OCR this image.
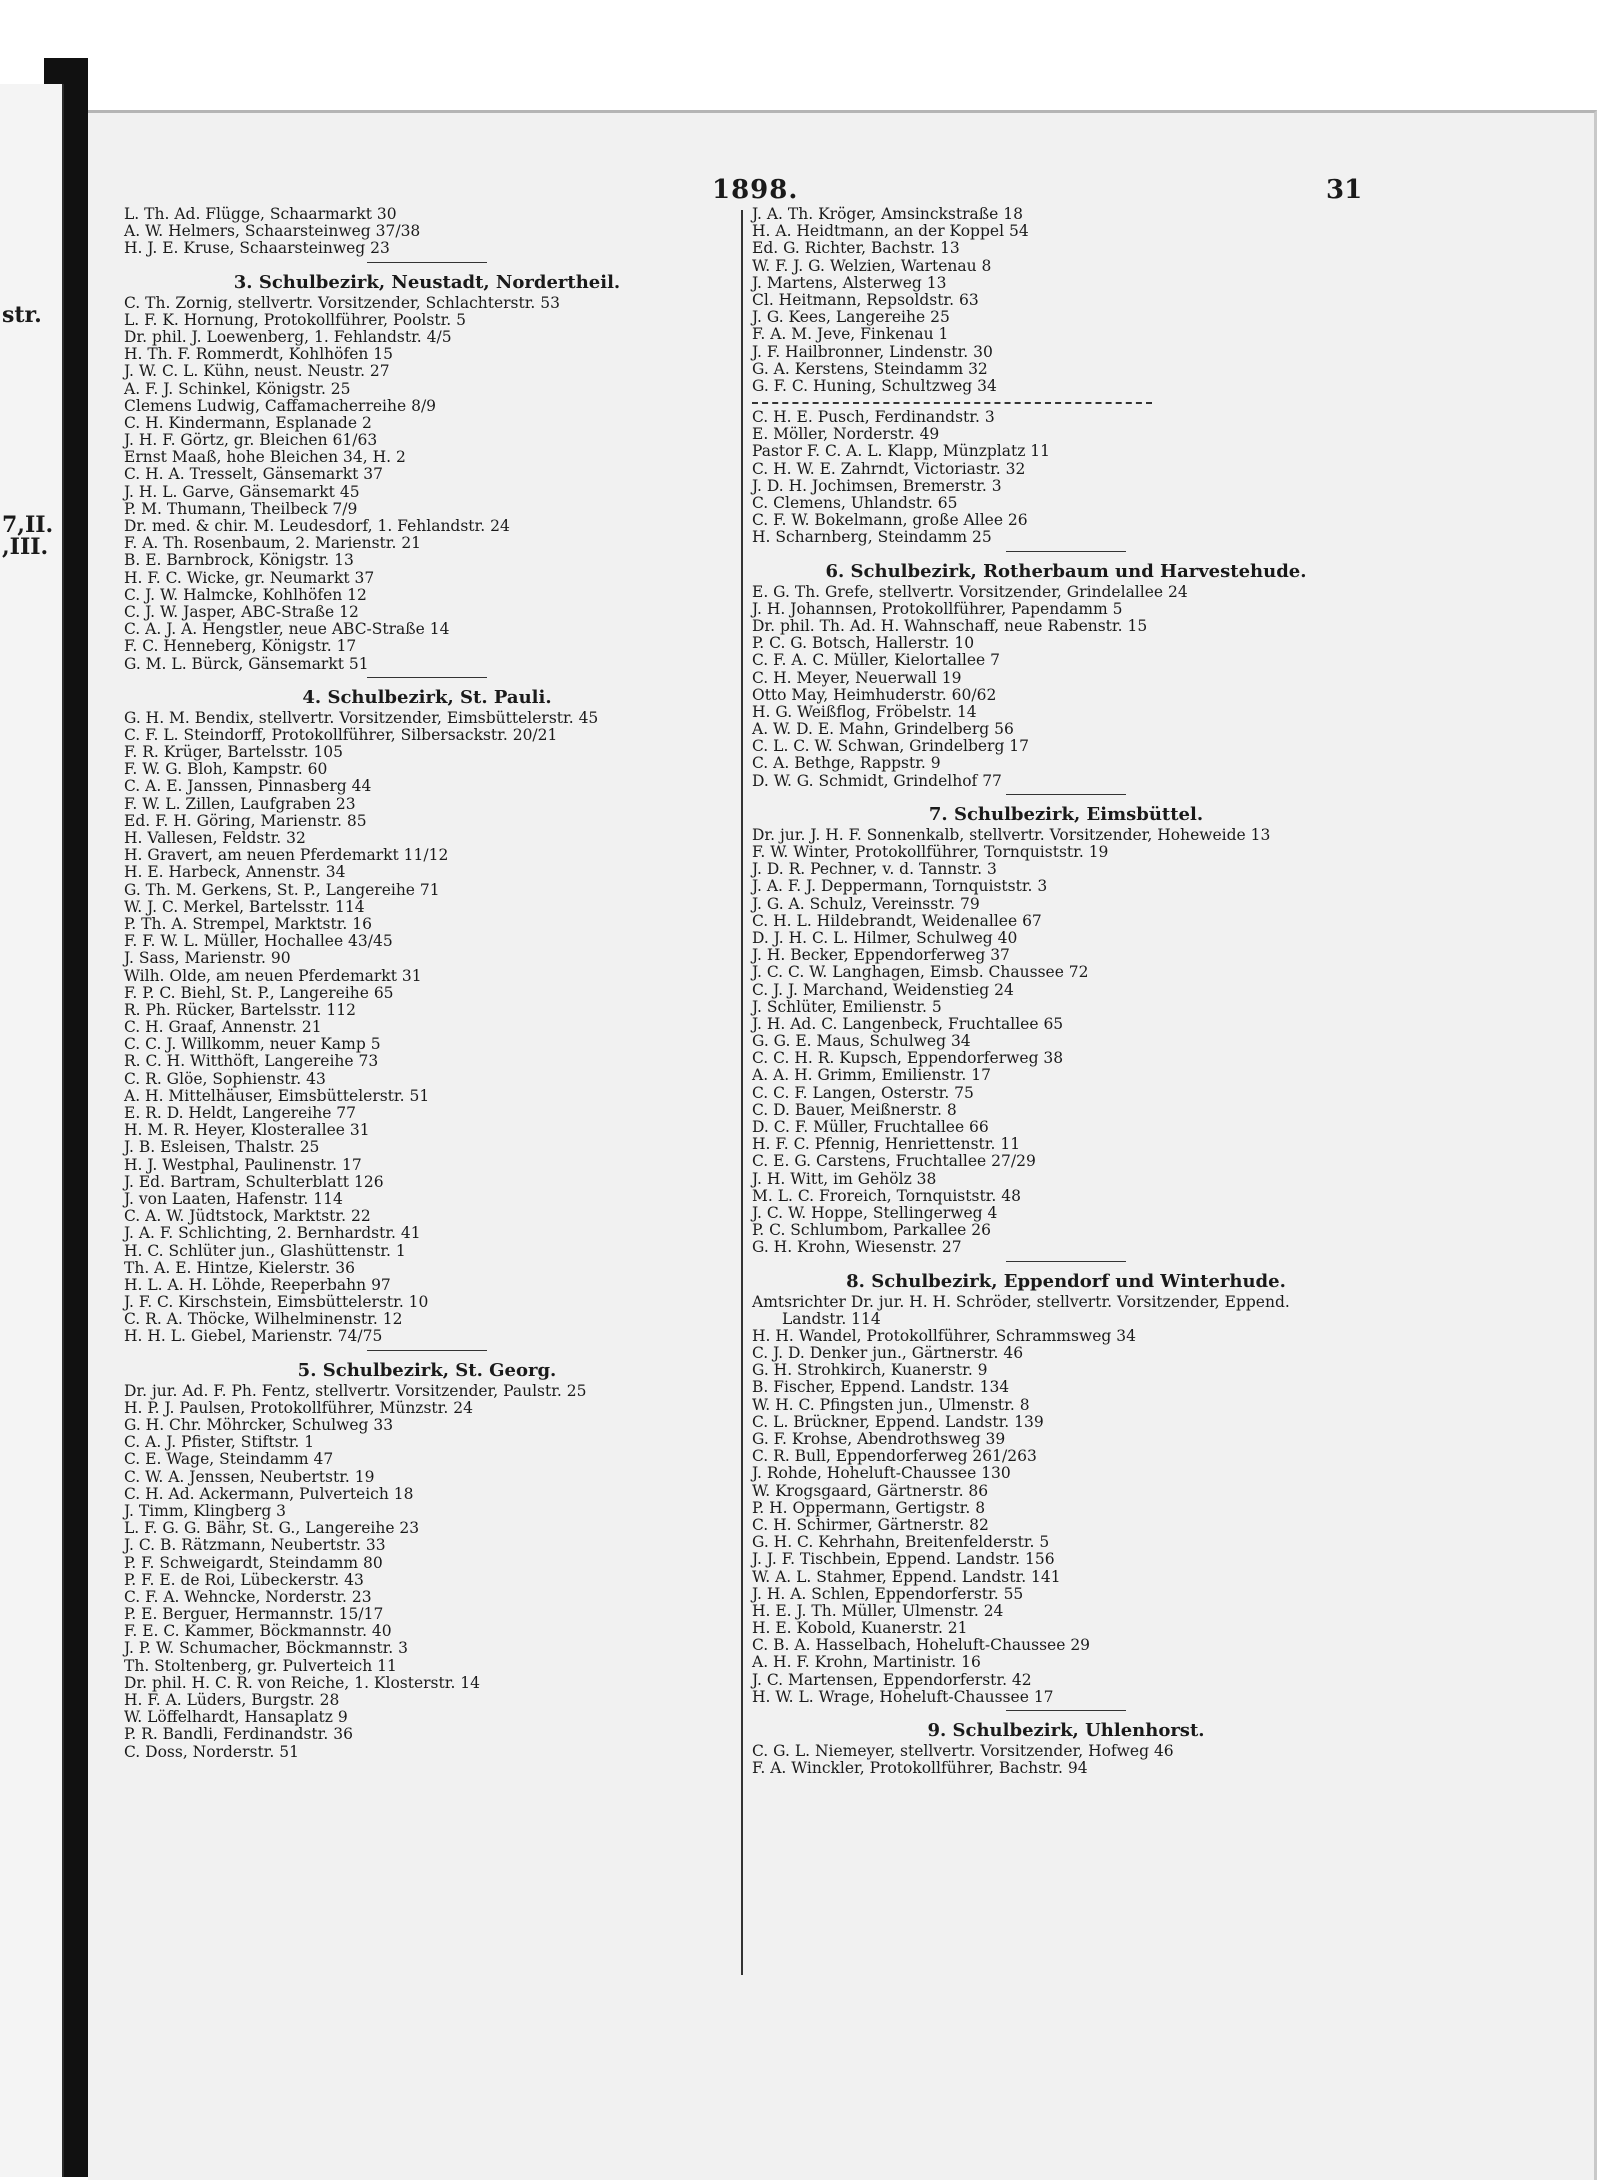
str.
7,II.
,III.
1898.	31
L. Th. Ad. Flügge, Schaarmarkt 30
A. W. Helmers, Schaarsteinweg 37/38
H. J. E. Kruse, Schaarsteinweg 23
3. Schulbezirk, Neustadt, Nordertheil.
C. Th. Zornig, stellvertr. Vorsitzender, Schlachterstr. 53
L. F. K. Hornung, Protokollführer, Poolstr. 5
Dr. phil. J. Loewenberg, 1. Fehlandstr. 4/5
H. Th. F. Rommerdt, Kohlhöfen 15
J. W. C. L. Kühn, neust. Neustr. 27
A. F. J. Schinkel, Königstr. 25
Clemens Ludwig, Caffamacherreihe 8/9
C. H. Kindermann, Esplanade 2
J. H. F. Görtz, gr. Bleichen 61/63
Ernst Maaß, hohe Bleichen 34, H. 2
C. H. A. Tresselt, Gänsemarkt 37
J. H. L. Garve, Gänsemarkt 45
P. M. Thumann, Theilbeck 7/9
Dr. med. & chir. M. Leudesdorf, 1. Fehlandstr. 24
F. A. Th. Rosenbaum, 2. Marienstr. 21
B. E. Barnbrock, Königstr. 13
H. F. C. Wicke, gr. Neumarkt 37
C. J. W. Halmcke, Kohlhöfen 12
C. J. W. Jasper, ABC-Straße 12
C. A. J. A. Hengstler, neue ABC-Straße 14
F. C. Henneberg, Königstr. 17
G. M. L. Bürck, Gänsemarkt 51
4. Schulbezirk, St. Pauli.
G. H. M. Bendix, stellvertr. Vorsitzender, Eimsbüttelerstr. 45
C. F. L. Steindorff, Protokollführer, Silbersackstr. 20/21
F. R. Krüger, Bartelsstr. 105
F. W. G. Bloh, Kampstr. 60
C. A. E. Janssen, Pinnasberg 44
F. W. L. Zillen, Laufgraben 23
Ed. F. H. Göring, Marienstr. 85
H. Vallesen, Feldstr. 32
H. Gravert, am neuen Pferdemarkt 11/12
H. E. Harbeck, Annenstr. 34
G. Th. M. Gerkens, St. P., Langereihe 71
W. J. C. Merkel, Bartelsstr. 114
P. Th. A. Strempel, Marktstr. 16
F. F. W. L. Müller, Hochallee 43/45
J. Sass, Marienstr. 90
Wilh. Olde, am neuen Pferdemarkt 31
F. P. C. Biehl, St. P., Langereihe 65
R. Ph. Rücker, Bartelsstr. 112
C. H. Graaf, Annenstr. 21
C. C. J. Willkomm, neuer Kamp 5
R. C. H. Witthöft, Langereihe 73
C. R. Glöe, Sophienstr. 43
A. H. Mittelhäuser, Eimsbüttelerstr. 51
E. R. D. Heldt, Langereihe 77
H. M. R. Heyer, Klosterallee 31
J. B. Esleisen, Thalstr. 25
H. J. Westphal, Paulinenstr. 17
J. Ed. Bartram, Schulterblatt 126
J. von Laaten, Hafenstr. 114
C. A. W. Jüdtstock, Marktstr. 22
J. A. F. Schlichting, 2. Bernhardstr. 41
H. C. Schlüter jun., Glashüttenstr. 1
Th. A. E. Hintze, Kielerstr. 36
H. L. A. H. Löhde, Reeperbahn 97
J. F. C. Kirschstein, Eimsbüttelerstr. 10
C. R. A. Thöcke, Wilhelminenstr. 12
H. H. L. Giebel, Marienstr. 74/75
5. Schulbezirk, St. Georg.
Dr. jur. Ad. F. Ph. Fentz, stellvertr. Vorsitzender, Paulstr. 25
H. P. J. Paulsen, Protokollführer, Münzstr. 24
G. H. Chr. Möhrcker, Schulweg 33
C. A. J. Pfister, Stiftstr. 1
C. E. Wage, Steindamm 47
C. W. A. Jenssen, Neubertstr. 19
C. H. Ad. Ackermann, Pulverteich 18
J. Timm, Klingberg 3
L. F. G. G. Bähr, St. G., Langereihe 23
J. C. B. Rätzmann, Neubertstr. 33
P. F. Schweigardt, Steindamm 80
P. F. E. de Roi, Lübeckerstr. 43
C. F. A. Wehncke, Norderstr. 23
P. E. Berguer, Hermannstr. 15/17
F. E. C. Kammer, Böckmannstr. 40
J. P. W. Schumacher, Böckmannstr. 3
Th. Stoltenberg, gr. Pulverteich 11
Dr. phil. H. C. R. von Reiche, 1. Klosterstr. 14
H. F. A. Lüders, Burgstr. 28
W. Löffelhardt, Hansaplatz 9
P. R. Bandli, Ferdinandstr. 36
C. Doss, Norderstr. 51
J. A. Th. Kröger, Amsinckstraße 18
H. A. Heidtmann, an der Koppel 54
Ed. G. Richter, Bachstr. 13
W. F. J. G. Welzien, Wartenau 8
J. Martens, Alsterweg 13
Cl. Heitmann, Repsoldstr. 63
J. G. Kees, Langereihe 25
F. A. M. Jeve, Finkenau 1
J. F. Hailbronner, Lindenstr. 30
G. A. Kerstens, Steindamm 32
G. F. C. Huning, Schultzweg 34
C. H. E. Pusch, Ferdinandstr. 3
E. Möller, Norderstr. 49
Pastor F. C. A. L. Klapp, Münzplatz 11
C. H. W. E. Zahrndt, Victoriastr. 32
J. D. H. Jochimsen, Bremerstr. 3
C. Clemens, Uhlandstr. 65
C. F. W. Bokelmann, große Allee 26
H. Scharnberg, Steindamm 25
6. Schulbezirk, Rotherbaum und Harvestehude.
E. G. Th. Grefe, stellvertr. Vorsitzender, Grindelallee 24
J. H. Johannsen, Protokollführer, Papendamm 5
Dr. phil. Th. Ad. H. Wahnschaff, neue Rabenstr. 15
P. C. G. Botsch, Hallerstr. 10
C. F. A. C. Müller, Kielortallee 7
C. H. Meyer, Neuerwall 19
Otto May, Heimhuderstr. 60/62
H. G. Weißflog, Fröbelstr. 14
A. W. D. E. Mahn, Grindelberg 56
C. L. C. W. Schwan, Grindelberg 17
C. A. Bethge, Rappstr. 9
D. W. G. Schmidt, Grindelhof 77
7. Schulbezirk, Eimsbüttel.
Dr. jur. J. H. F. Sonnenkalb, stellvertr. Vorsitzender, Hoheweide 13
F. W. Winter, Protokollführer, Tornquiststr. 19
J. D. R. Pechner, v. d. Tannstr. 3
J. A. F. J. Deppermann, Tornquiststr. 3
J. G. A. Schulz, Vereinsstr. 79
C. H. L. Hildebrandt, Weidenallee 67
D. J. H. C. L. Hilmer, Schulweg 40
J. H. Becker, Eppendorferweg 37
J. C. C. W. Langhagen, Eimsb. Chaussee 72
C. J. J. Marchand, Weidenstieg 24
J. Schlüter, Emilienstr. 5
J. H. Ad. C. Langenbeck, Fruchtallee 65
G. G. E. Maus, Schulweg 34
C. C. H. R. Kupsch, Eppendorferweg 38
A. A. H. Grimm, Emilienstr. 17
C. C. F. Langen, Osterstr. 75
C. D. Bauer, Meißnerstr. 8
D. C. F. Müller, Fruchtallee 66
H. F. C. Pfennig, Henriettenstr. 11
C. E. G. Carstens, Fruchtallee 27/29
J. H. Witt, im Gehölz 38
M. L. C. Froreich, Tornquiststr. 48
J. C. W. Hoppe, Stellingerweg 4
P. C. Schlumbom, Parkallee 26
G. H. Krohn, Wiesenstr. 27
8. Schulbezirk, Eppendorf und Winterhude.
Amtsrichter Dr. jur. H. H. Schröder, stellvertr. Vorsitzender, Eppend.
Landstr. 114
H. H. Wandel, Protokollführer, Schrammsweg 34
C. J. D. Denker jun., Gärtnerstr. 46
G. H. Strohkirch, Kuanerstr. 9
B. Fischer, Eppend. Landstr. 134
W. H. C. Pfingsten jun., Ulmenstr. 8
C. L. Brückner, Eppend. Landstr. 139
G. F. Krohse, Abendrothsweg 39
C. R. Bull, Eppendorferweg 261/263
J. Rohde, Hoheluft-Chaussee 130
W. Krogsgaard, Gärtnerstr. 86
P. H. Oppermann, Gertigstr. 8
C. H. Schirmer, Gärtnerstr. 82
G. H. C. Kehrhahn, Breitenfelderstr. 5
J. J. F. Tischbein, Eppend. Landstr. 156
W. A. L. Stahmer, Eppend. Landstr. 141
J. H. A. Schlen, Eppendorferstr. 55
H. E. J. Th. Müller, Ulmenstr. 24
H. E. Kobold, Kuanerstr. 21
C. B. A. Hasselbach, Hoheluft-Chaussee 29
A. H. F. Krohn, Martinistr. 16
J. C. Martensen, Eppendorferstr. 42
H. W. L. Wrage, Hoheluft-Chaussee 17
9. Schulbezirk, Uhlenhorst.
C. G. L. Niemeyer, stellvertr. Vorsitzender, Hofweg 46
F. A. Winckler, Protokollführer, Bachstr. 94
